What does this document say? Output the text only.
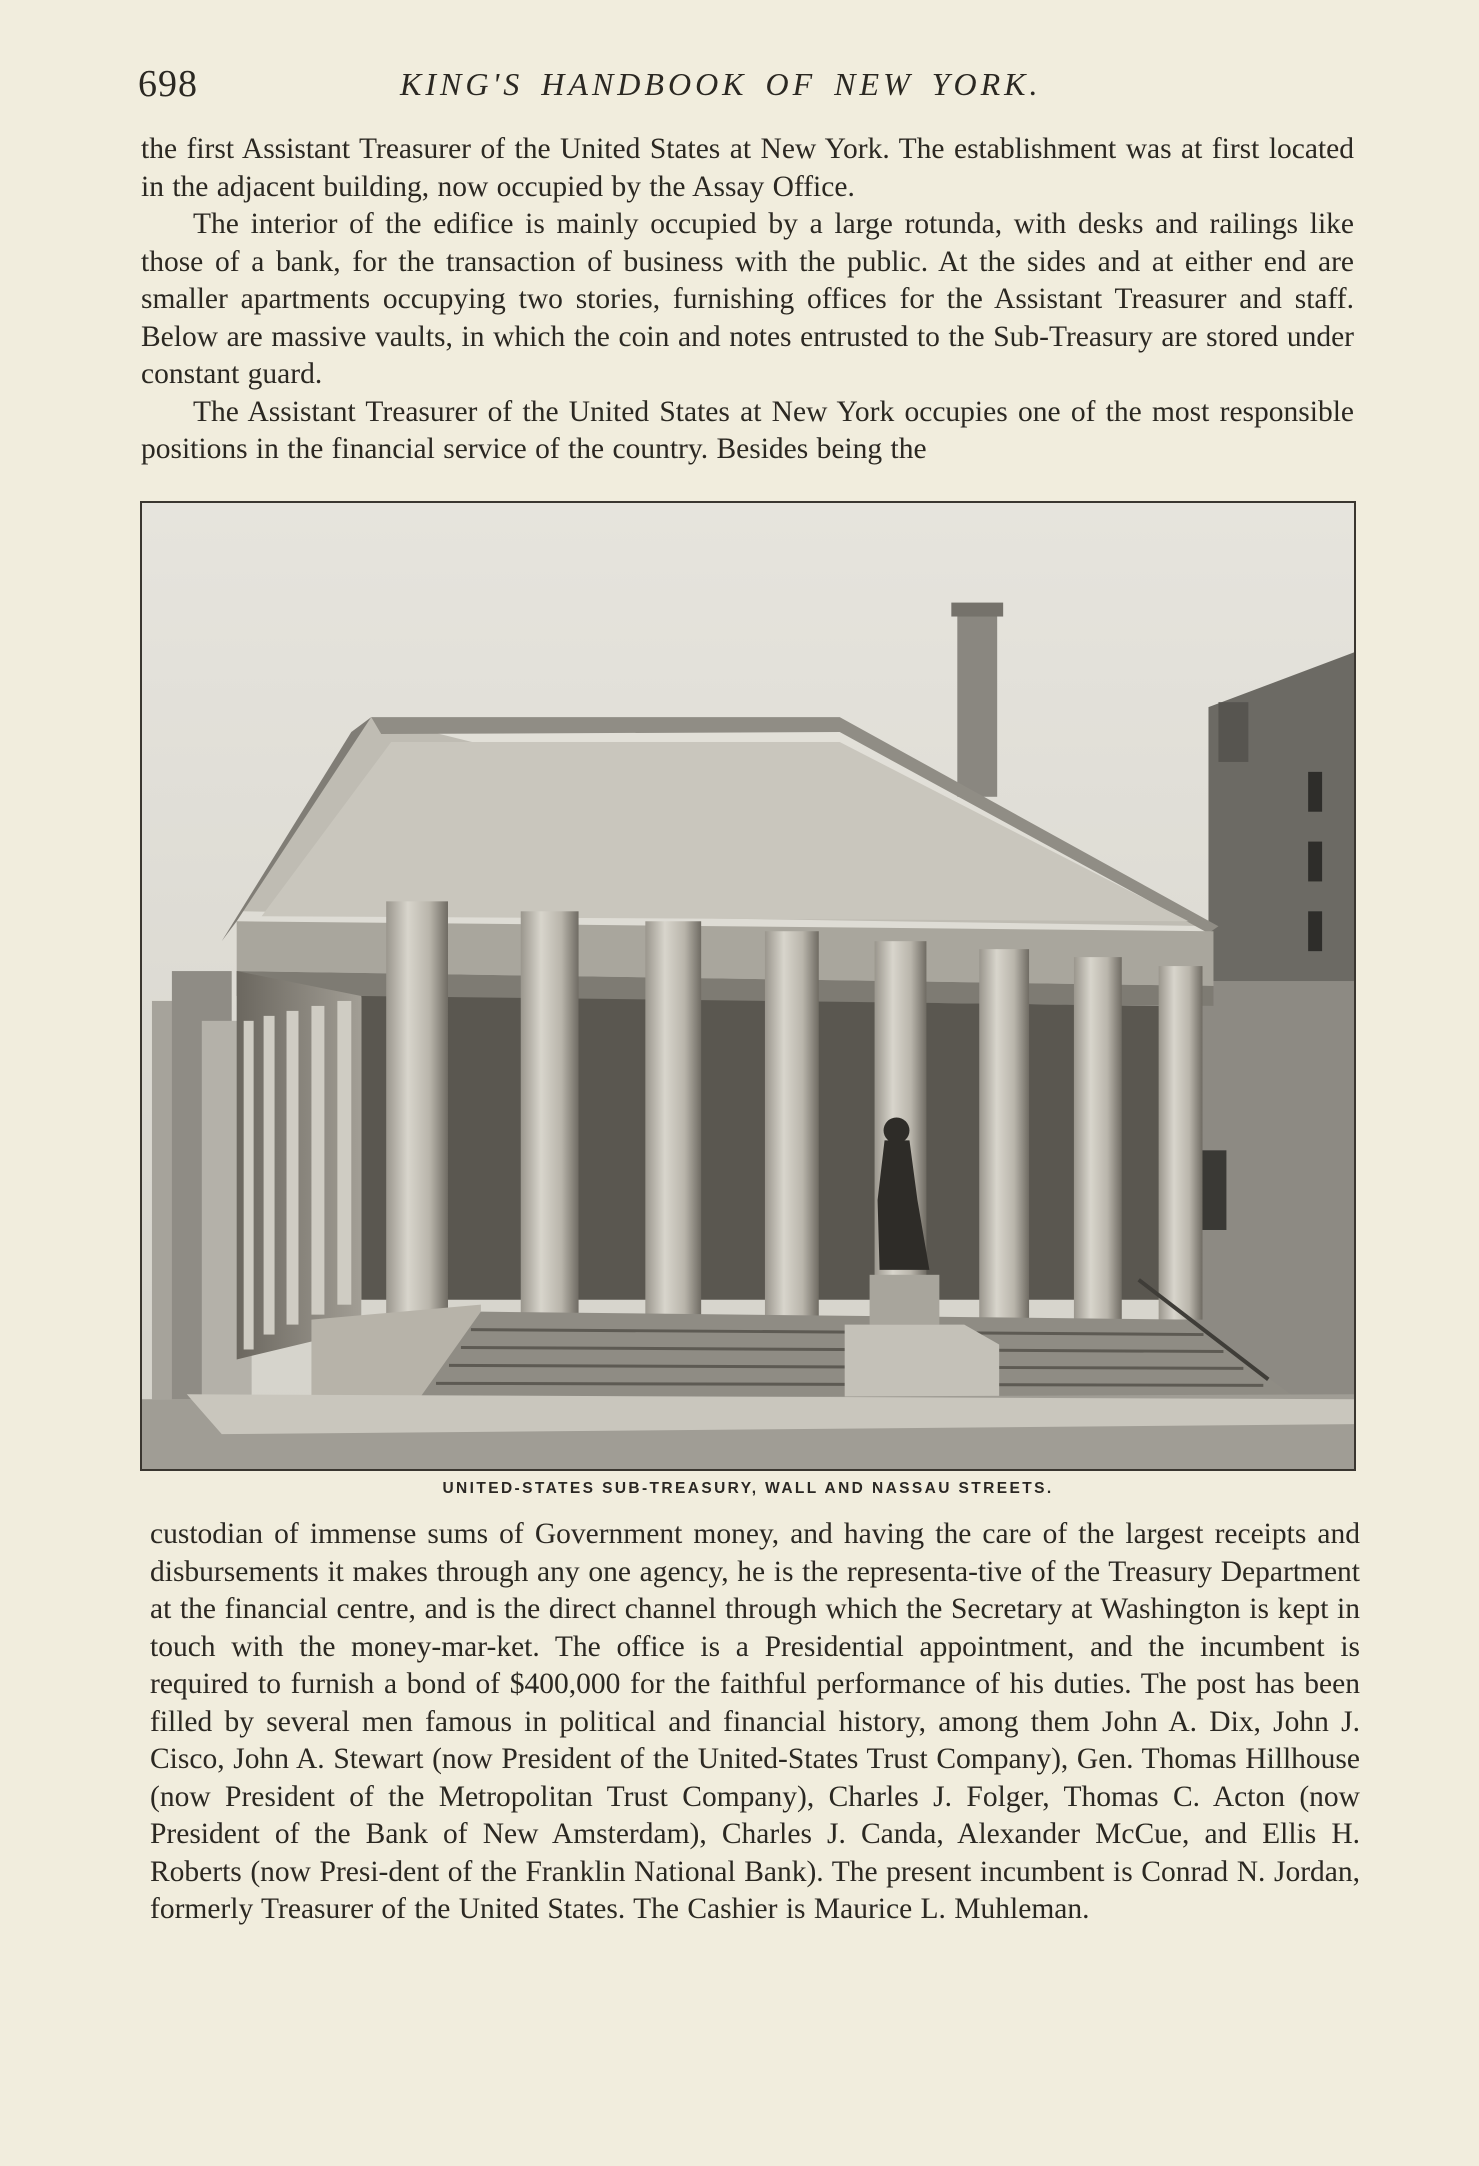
698	KING'S HANDBOOK OF NEW YORK.

the first Assistant Treasurer of the United States at New York. The establishment was at first located in the adjacent building, now occupied by the Assay Office.

The interior of the edifice is mainly occupied by a large rotunda, with desks and railings like those of a bank, for the transaction of business with the public. At the sides and at either end are smaller apartments occupying two stories, furnishing offices for the Assistant Treasurer and staff. Below are massive vaults, in which the coin and notes entrusted to the Sub-Treasury are stored under constant guard.

The Assistant Treasurer of the United States at New York occupies one of the most responsible positions in the financial service of the country. Besides being the

UNITED-STATES SUB-TREASURY, WALL AND NASSAU STREETS.

custodian of immense sums of Government money, and having the care of the largest receipts and disbursements it makes through any one agency, he is the representa-tive of the Treasury Department at the financial centre, and is the direct channel through which the Secretary at Washington is kept in touch with the money-mar-ket. The office is a Presidential appointment, and the incumbent is required to furnish a bond of $400,000 for the faithful performance of his duties. The post has been filled by several men famous in political and financial history, among them John A. Dix, John J. Cisco, John A. Stewart (now President of the United-States Trust Company), Gen. Thomas Hillhouse (now President of the Metropolitan Trust Company), Charles J. Folger, Thomas C. Acton (now President of the Bank of New Amsterdam), Charles J. Canda, Alexander McCue, and Ellis H. Roberts (now Presi-dent of the Franklin National Bank). The present incumbent is Conrad N. Jordan, formerly Treasurer of the United States. The Cashier is Maurice L. Muhleman.
